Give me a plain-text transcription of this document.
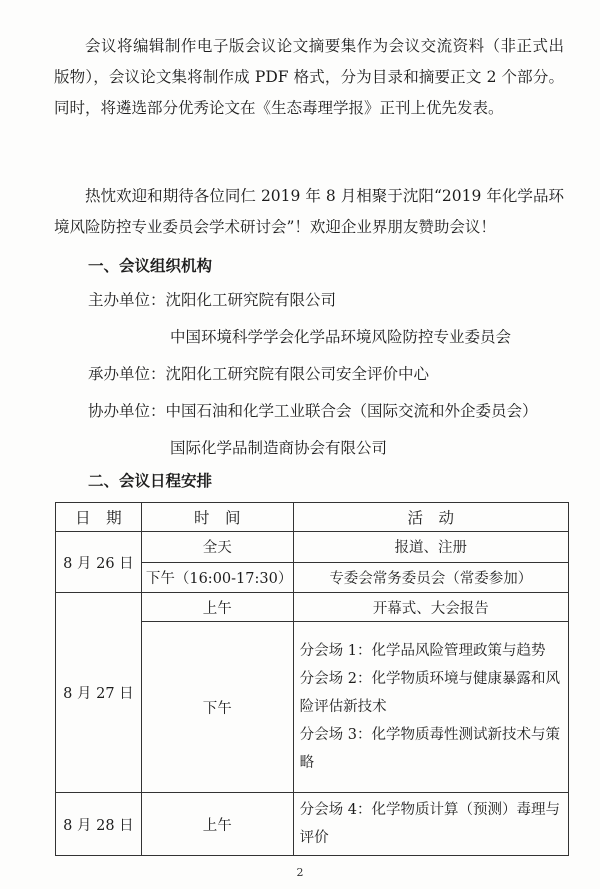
会议将编辑制作电子版会议论文摘要集作为会议交流资料（非正式出版物），会议论文集将制作成 PDF 格式，分为目录和摘要正文 2 个部分。同时，将遴选部分优秀论文在《生态毒理学报》正刊上优先发表。

热忱欢迎和期待各位同仁 2019 年 8 月相聚于沈阳“2019 年化学品环境风险防控专业委员会学术研讨会”！欢迎企业界朋友赞助会议！

一、会议组织机构
主办单位：沈阳化工研究院有限公司
中国环境科学学会化学品环境风险防控专业委员会
承办单位：沈阳化工研究院有限公司安全评价中心
协办单位：中国石油和化学工业联合会（国际交流和外企委员会）
国际化学品制造商协会有限公司
二、会议日程安排
日　期	时　间	活　动
8 月 26 日	全天	报道、注册
	下午（16:00-17:30）	专委会常务委员会（常委参加）
8 月 27 日	上午	开幕式、大会报告
	下午	分会场 1：化学品风险管理政策与趋势
分会场 2：化学物质环境与健康暴露和风险评估新技术
分会场 3：化学物质毒性测试新技术与策略

8 月 28 日	上午	分会场 4：化学物质计算（预测）毒理与评价
2
